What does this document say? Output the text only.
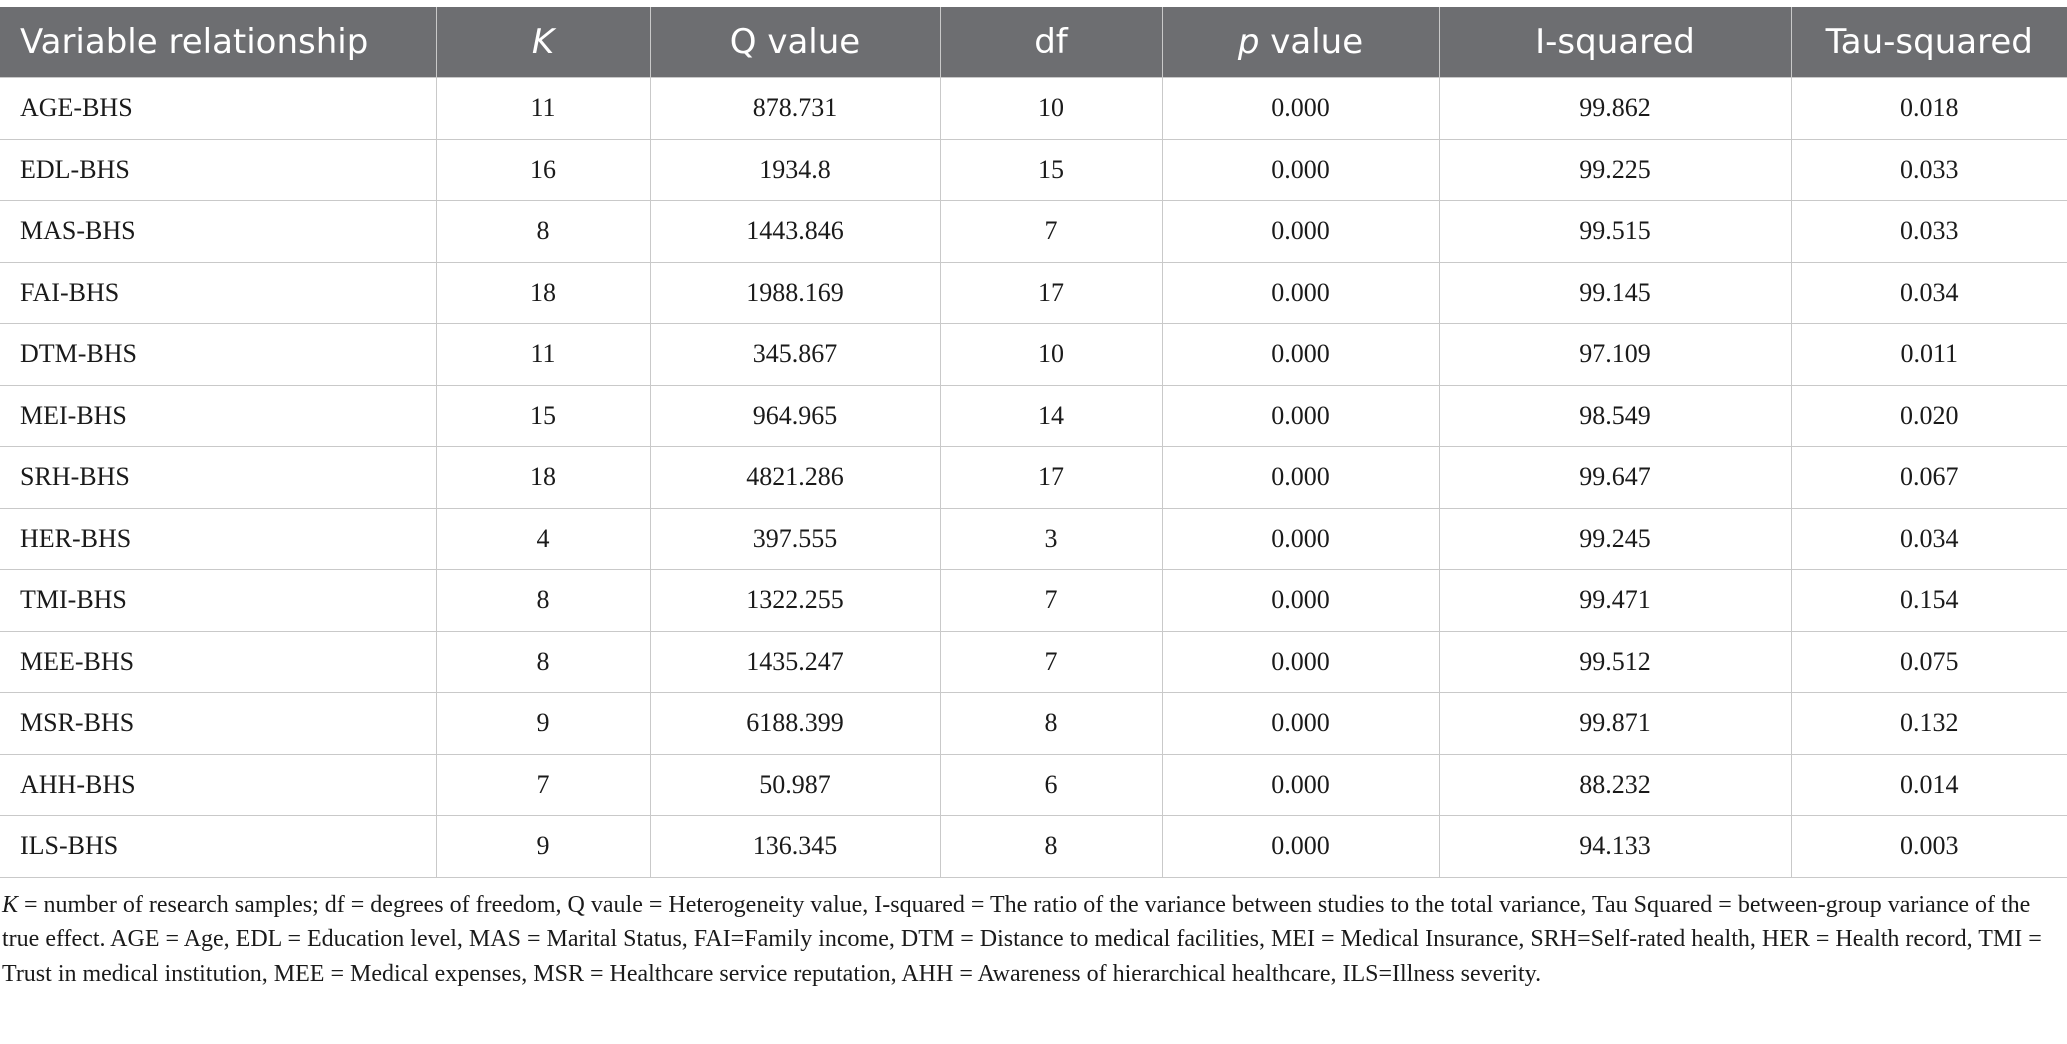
Variable relationship	K	Q value	df	p value	I-squared	Tau-squared
AGE-BHS	11	878.731	10	0.000	99.862	0.018
EDL-BHS	16	1934.8	15	0.000	99.225	0.033
MAS-BHS	8	1443.846	7	0.000	99.515	0.033
FAI-BHS	18	1988.169	17	0.000	99.145	0.034
DTM-BHS	11	345.867	10	0.000	97.109	0.011
MEI-BHS	15	964.965	14	0.000	98.549	0.020
SRH-BHS	18	4821.286	17	0.000	99.647	0.067
HER-BHS	4	397.555	3	0.000	99.245	0.034
TMI-BHS	8	1322.255	7	0.000	99.471	0.154
MEE-BHS	8	1435.247	7	0.000	99.512	0.075
MSR-BHS	9	6188.399	8	0.000	99.871	0.132
AHH-BHS	7	50.987	6	0.000	88.232	0.014
ILS-BHS	9	136.345	8	0.000	94.133	0.003

K = number of research samples; df = degrees of freedom, Q vaule = Heterogeneity value, I-squared = The ratio of the variance between studies to the total variance, Tau Squared = between-group variance of the true effect. AGE = Age, EDL = Education level, MAS = Marital Status, FAI=Family income, DTM = Distance to medical facilities, MEI = Medical Insurance, SRH=Self-rated health, HER = Health record, TMI = Trust in medical institution, MEE = Medical expenses, MSR = Healthcare service reputation, AHH = Awareness of hierarchical healthcare, ILS=Illness severity.
